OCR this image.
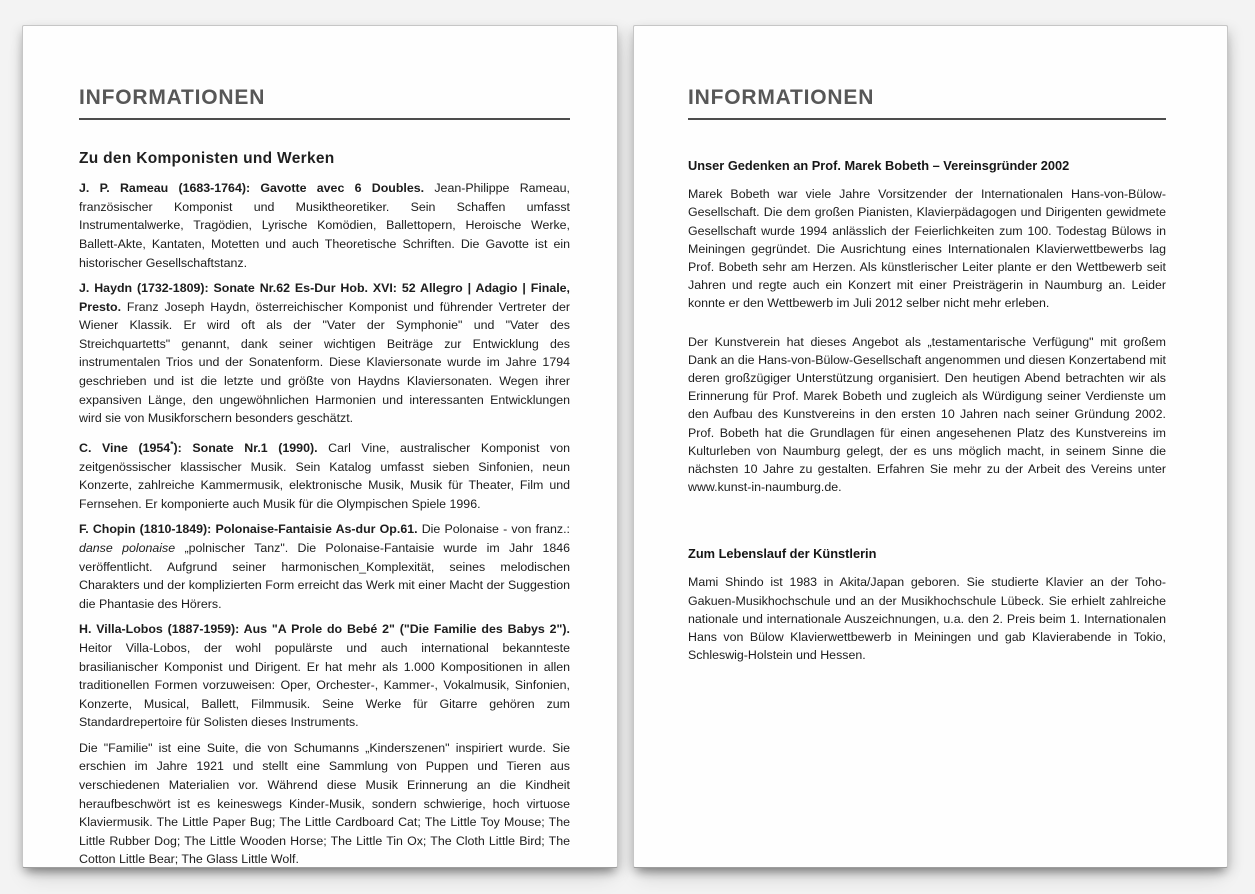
INFORMATIONEN
Zu den Komponisten und Werken

J. P. Rameau (1683-1764): Gavotte avec 6 Doubles. Jean-Philippe Rameau, französischer Komponist und Musiktheoretiker. Sein Schaffen umfasst Instrumentalwerke, Tragödien, Lyrische Komödien, Ballettopern, Heroische Werke, Ballett-Akte, Kantaten, Motetten und auch Theoretische Schriften. Die Gavotte ist ein historischer Gesellschaftstanz.

J. Haydn (1732-1809): Sonate Nr.62 Es-Dur Hob. XVI: 52 Allegro | Adagio | Finale, Presto. Franz Joseph Haydn, österreichischer Komponist und führender Vertreter der Wiener Klassik. Er wird oft als der "Vater der Symphonie" und "Vater des Streichquartetts" genannt, dank seiner wichtigen Beiträge zur Entwicklung des instrumentalen Trios und der Sonatenform. Diese Klaviersonate wurde im Jahre 1794 geschrieben und ist die letzte und größte von Haydns Klaviersonaten. Wegen ihrer expansiven Länge, den ungewöhnlichen Harmonien und interessanten Entwicklungen wird sie von Musikforschern besonders geschätzt.

C. Vine (1954*): Sonate Nr.1 (1990). Carl Vine, australischer Komponist von zeitgenössischer klassischer Musik. Sein Katalog umfasst sieben Sinfonien, neun Konzerte, zahlreiche Kammermusik, elektronische Musik, Musik für Theater, Film und Fernsehen. Er komponierte auch Musik für die Olympischen Spiele 1996.

F. Chopin (1810-1849): Polonaise-Fantaisie As-dur Op.61. Die Polonaise - von franz.: danse polonaise „polnischer Tanz". Die Polonaise-Fantaisie wurde im Jahr 1846 veröffentlicht. Aufgrund seiner harmonischen_Komplexität, seines melodischen Charakters und der komplizierten Form erreicht das Werk mit einer Macht der Suggestion die Phantasie des Hörers.

H. Villa-Lobos (1887-1959): Aus "A Prole do Bebé 2" ("Die Familie des Babys 2"). Heitor Villa-Lobos, der wohl populärste und auch international bekannteste brasilianischer Komponist und Dirigent. Er hat mehr als 1.000 Kompositionen in allen traditionellen Formen vorzuweisen: Oper, Orchester-, Kammer-, Vokalmusik, Sinfonien, Konzerte, Musical, Ballett, Filmmusik. Seine Werke für Gitarre gehören zum Standardrepertoire für Solisten dieses Instruments.

Die "Familie" ist eine Suite, die von Schumanns „Kinderszenen" inspiriert wurde. Sie erschien im Jahre 1921 und stellt eine Sammlung von Puppen und Tieren aus verschiedenen Materialien vor. Während diese Musik Erinnerung an die Kindheit heraufbeschwört ist es keineswegs Kinder-Musik, sondern schwierige, hoch virtuose Klaviermusik. The Little Paper Bug; The Little Cardboard Cat; The Little Toy Mouse; The Little Rubber Dog; The Little Wooden Horse; The Little Tin Ox; The Cloth Little Bird; The Cotton Little Bear; The Glass Little Wolf.

INFORMATIONEN
Unser Gedenken an Prof. Marek Bobeth – Vereinsgründer 2002

Marek Bobeth war viele Jahre Vorsitzender der Internationalen Hans-von-Bülow-Gesellschaft. Die dem großen Pianisten, Klavierpädagogen und Dirigenten gewidmete Gesellschaft wurde 1994 anlässlich der Feierlichkeiten zum 100. Todestag Bülows in Meiningen gegründet. Die Ausrichtung eines Internationalen Klavierwettbewerbs lag Prof. Bobeth sehr am Herzen. Als künstlerischer Leiter plante er den Wettbewerb seit Jahren und regte auch ein Konzert mit einer Preisträgerin in Naumburg an. Leider konnte er den Wettbewerb im Juli 2012 selber nicht mehr erleben.

Der Kunstverein hat dieses Angebot als „testamentarische Verfügung" mit großem Dank an die Hans-von-Bülow-Gesellschaft angenommen und diesen Konzertabend mit deren großzügiger Unterstützung organisiert. Den heutigen Abend betrachten wir als Erinnerung für Prof. Marek Bobeth und zugleich als Würdigung seiner Verdienste um den Aufbau des Kunstvereins in den ersten 10 Jahren nach seiner Gründung 2002. Prof. Bobeth hat die Grundlagen für einen angesehenen Platz des Kunstvereins im Kulturleben von Naumburg gelegt, der es uns möglich macht, in seinem Sinne die nächsten 10 Jahre zu gestalten. Erfahren Sie mehr zu der Arbeit des Vereins unter www.kunst-in-naumburg.de.

Zum Lebenslauf der Künstlerin

Mami Shindo ist 1983 in Akita/Japan geboren. Sie studierte Klavier an der Toho-Gakuen-Musikhochschule und an der Musikhochschule Lübeck. Sie erhielt zahlreiche nationale und internationale Auszeichnungen, u.a. den 2. Preis beim 1. Internationalen Hans von Bülow Klavierwettbewerb in Meiningen und gab Klavierabende in Tokio, Schleswig-Holstein und Hessen.
